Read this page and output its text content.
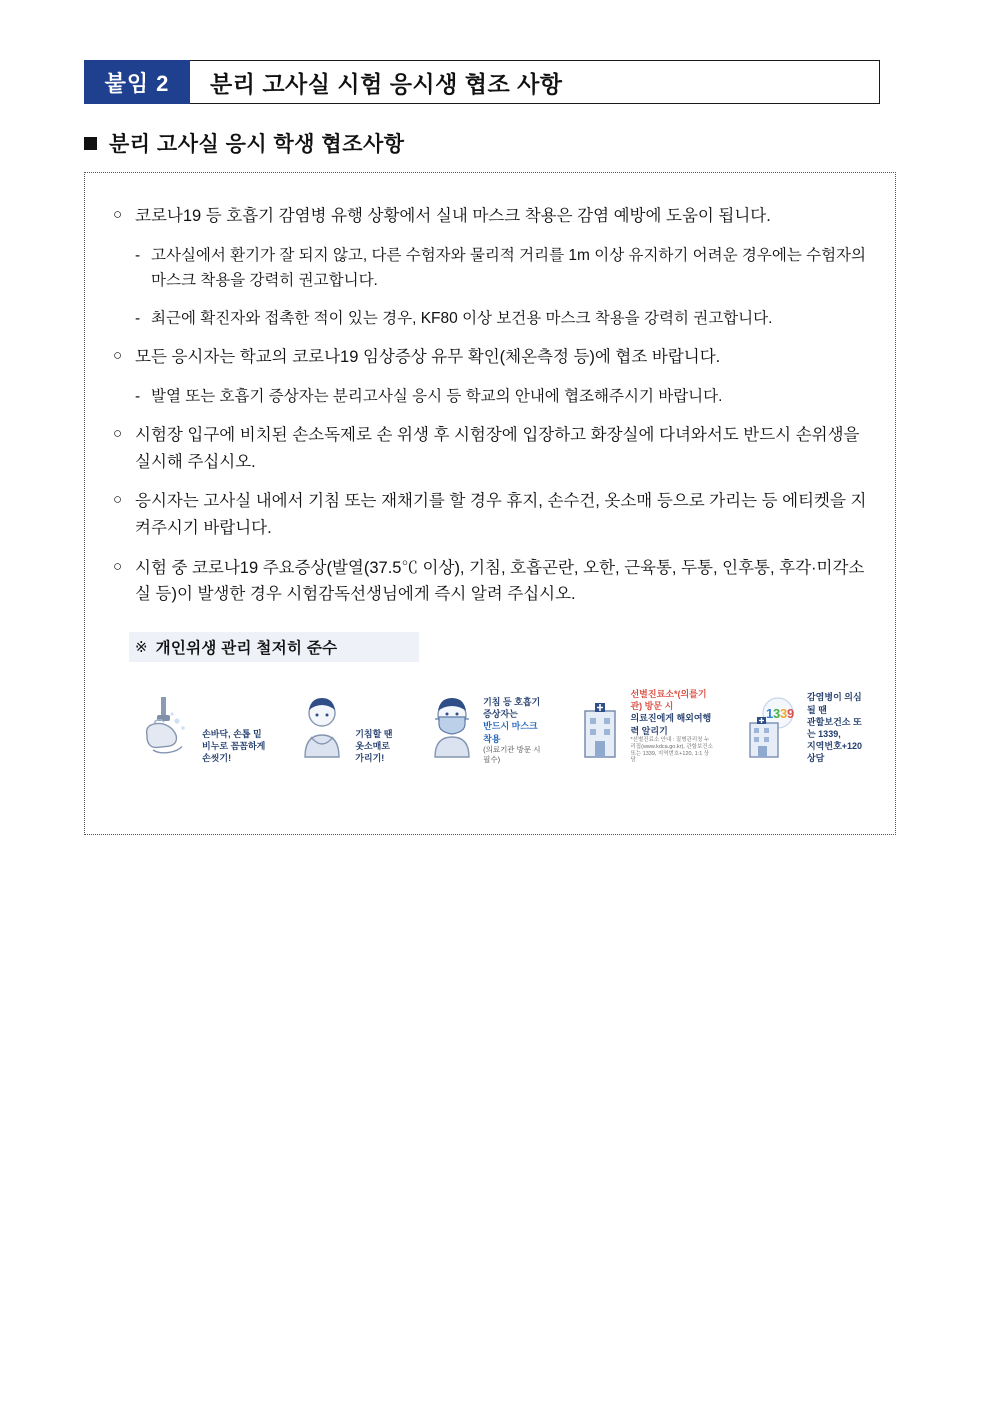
붙임 2	분리 고사실 시험 응시생 협조 사항
분리 고사실 응시 학생 협조사항
○ 코로나19 등 호흡기 감염병 유행 상황에서 실내 마스크 착용은 감염 예방에 도움이 됩니다.
- 고사실에서 환기가 잘 되지 않고, 다른 수험자와 물리적 거리를 1m 이상 유지하기 어려운 경우에는 수험자의 마스크 착용을 강력히 권고합니다.
- 최근에 확진자와 접촉한 적이 있는 경우, KF80 이상 보건용 마스크 착용을 강력히 권고합니다.
○ 모든 응시자는 학교의 코로나19 임상증상 유무 확인(체온측정 등)에 협조 바랍니다.
- 발열 또는 호흡기 증상자는 분리고사실 응시 등 학교의 안내에 협조해주시기 바랍니다.
○ 시험장 입구에 비치된 손소독제로 손 위생 후 시험장에 입장하고 화장실에 다녀와서도 반드시 손위생을 실시해 주십시오.
○ 응시자는 고사실 내에서 기침 또는 재채기를 할 경우 휴지, 손수건, 옷소매 등으로 가리는 등 에티켓을 지켜주시기 바랍니다.
○ 시험 중 코로나19 주요증상(발열(37.5℃ 이상), 기침, 호흡곤란, 오한, 근육통, 두통, 인후통, 후각·미각소실 등)이 발생한 경우 시험감독선생님에게 즉시 알려 주십시오.
※ 개인위생 관리 철저히 준수
손바닥, 손톱 밑
비누로 꼼꼼하게 손씻기!
기침할 땐
옷소매로 가리기!
기침 등 호흡기증상자는
반드시 마스크 착용
(의료기관 방문 시 필수)
선별진료소*(의를기관) 방문 시
의료진에게 해외여행력 알리기
*선별진료소 안내 : 질병관리청 누리집(www.kdca.go.kr), 관할보건소 또는 1339, 지역번호+120, 1:1 상담
1 3 3 9
감염병이 의심될 땐
관할보건소 또는 1339,
지역번호+120 상담
